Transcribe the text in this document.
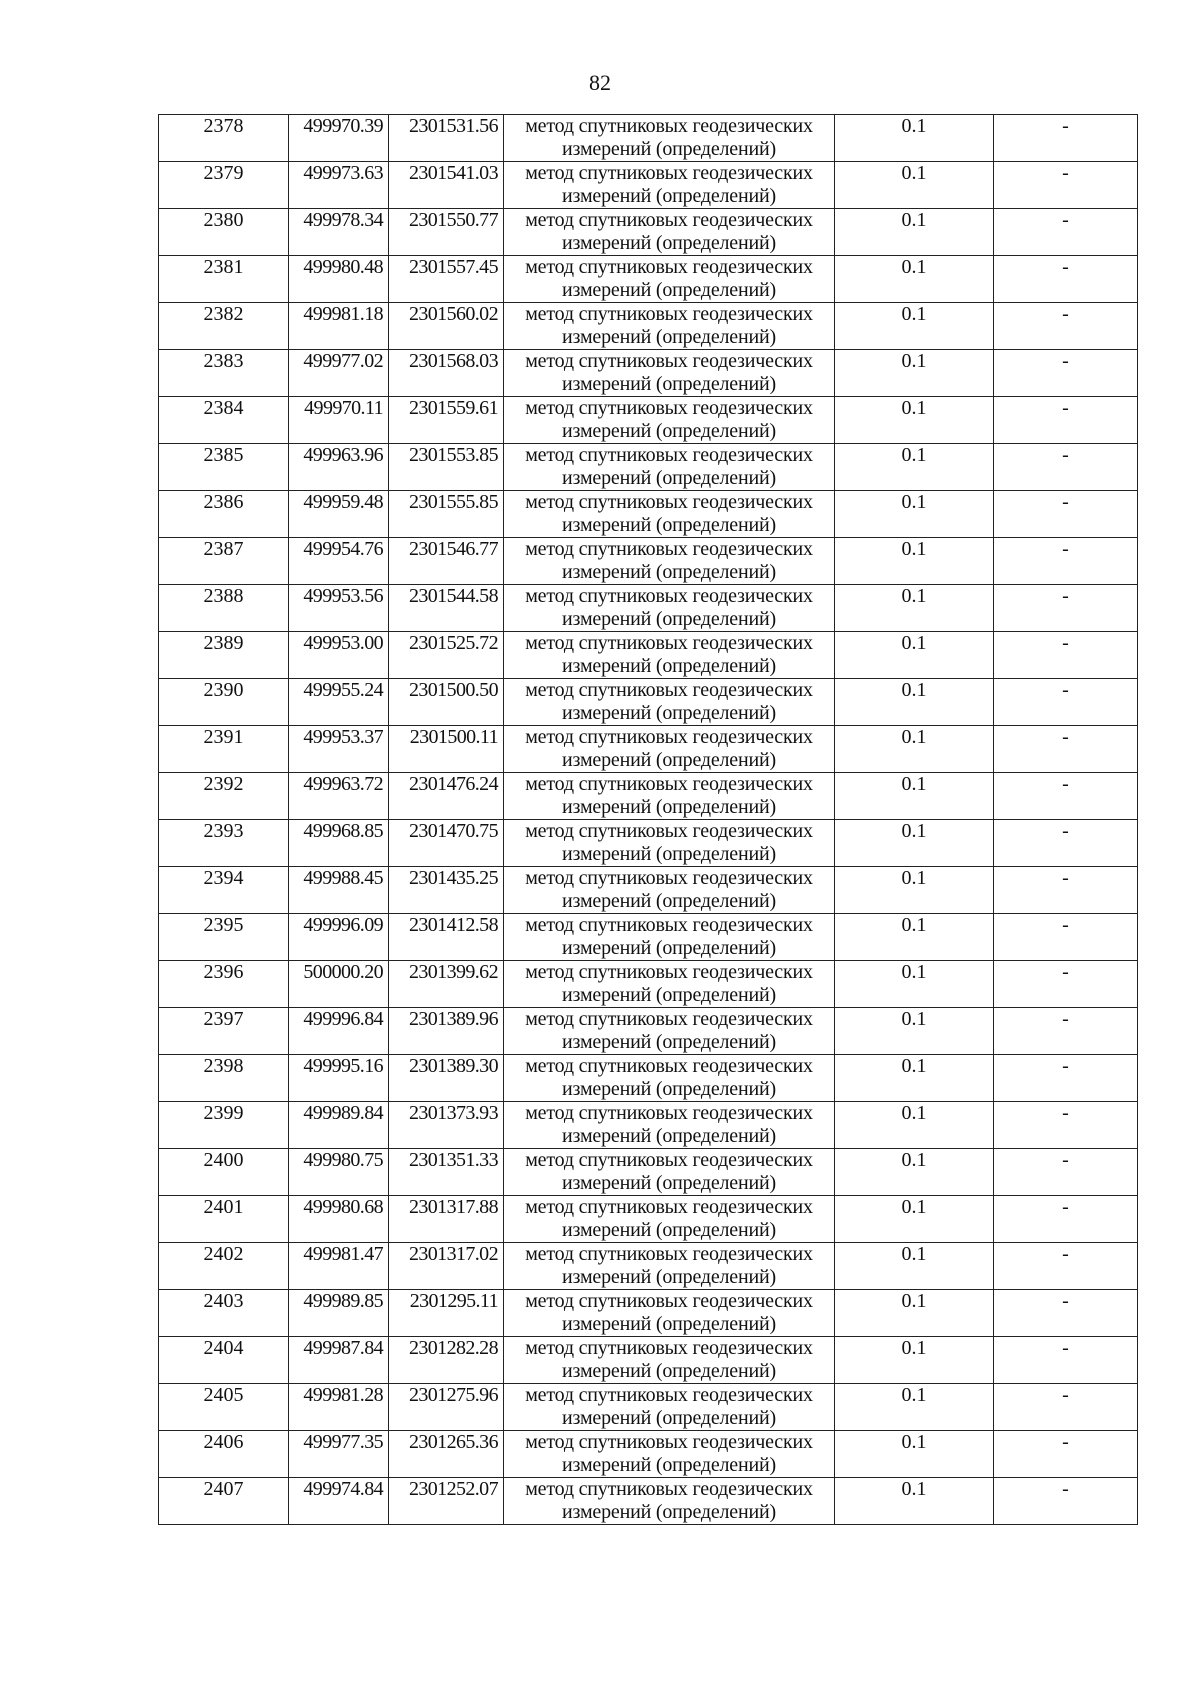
82
2378	499970.39	2301531.56	метод спутниковых геодезических измерений (определений)	0.1	-
2379	499973.63	2301541.03	метод спутниковых геодезических измерений (определений)	0.1	-
2380	499978.34	2301550.77	метод спутниковых геодезических измерений (определений)	0.1	-
2381	499980.48	2301557.45	метод спутниковых геодезических измерений (определений)	0.1	-
2382	499981.18	2301560.02	метод спутниковых геодезических измерений (определений)	0.1	-
2383	499977.02	2301568.03	метод спутниковых геодезических измерений (определений)	0.1	-
2384	499970.11	2301559.61	метод спутниковых геодезических измерений (определений)	0.1	-
2385	499963.96	2301553.85	метод спутниковых геодезических измерений (определений)	0.1	-
2386	499959.48	2301555.85	метод спутниковых геодезических измерений (определений)	0.1	-
2387	499954.76	2301546.77	метод спутниковых геодезических измерений (определений)	0.1	-
2388	499953.56	2301544.58	метод спутниковых геодезических измерений (определений)	0.1	-
2389	499953.00	2301525.72	метод спутниковых геодезических измерений (определений)	0.1	-
2390	499955.24	2301500.50	метод спутниковых геодезических измерений (определений)	0.1	-
2391	499953.37	2301500.11	метод спутниковых геодезических измерений (определений)	0.1	-
2392	499963.72	2301476.24	метод спутниковых геодезических измерений (определений)	0.1	-
2393	499968.85	2301470.75	метод спутниковых геодезических измерений (определений)	0.1	-
2394	499988.45	2301435.25	метод спутниковых геодезических измерений (определений)	0.1	-
2395	499996.09	2301412.58	метод спутниковых геодезических измерений (определений)	0.1	-
2396	500000.20	2301399.62	метод спутниковых геодезических измерений (определений)	0.1	-
2397	499996.84	2301389.96	метод спутниковых геодезических измерений (определений)	0.1	-
2398	499995.16	2301389.30	метод спутниковых геодезических измерений (определений)	0.1	-
2399	499989.84	2301373.93	метод спутниковых геодезических измерений (определений)	0.1	-
2400	499980.75	2301351.33	метод спутниковых геодезических измерений (определений)	0.1	-
2401	499980.68	2301317.88	метод спутниковых геодезических измерений (определений)	0.1	-
2402	499981.47	2301317.02	метод спутниковых геодезических измерений (определений)	0.1	-
2403	499989.85	2301295.11	метод спутниковых геодезических измерений (определений)	0.1	-
2404	499987.84	2301282.28	метод спутниковых геодезических измерений (определений)	0.1	-
2405	499981.28	2301275.96	метод спутниковых геодезических измерений (определений)	0.1	-
2406	499977.35	2301265.36	метод спутниковых геодезических измерений (определений)	0.1	-
2407	499974.84	2301252.07	метод спутниковых геодезических измерений (определений)	0.1	-
